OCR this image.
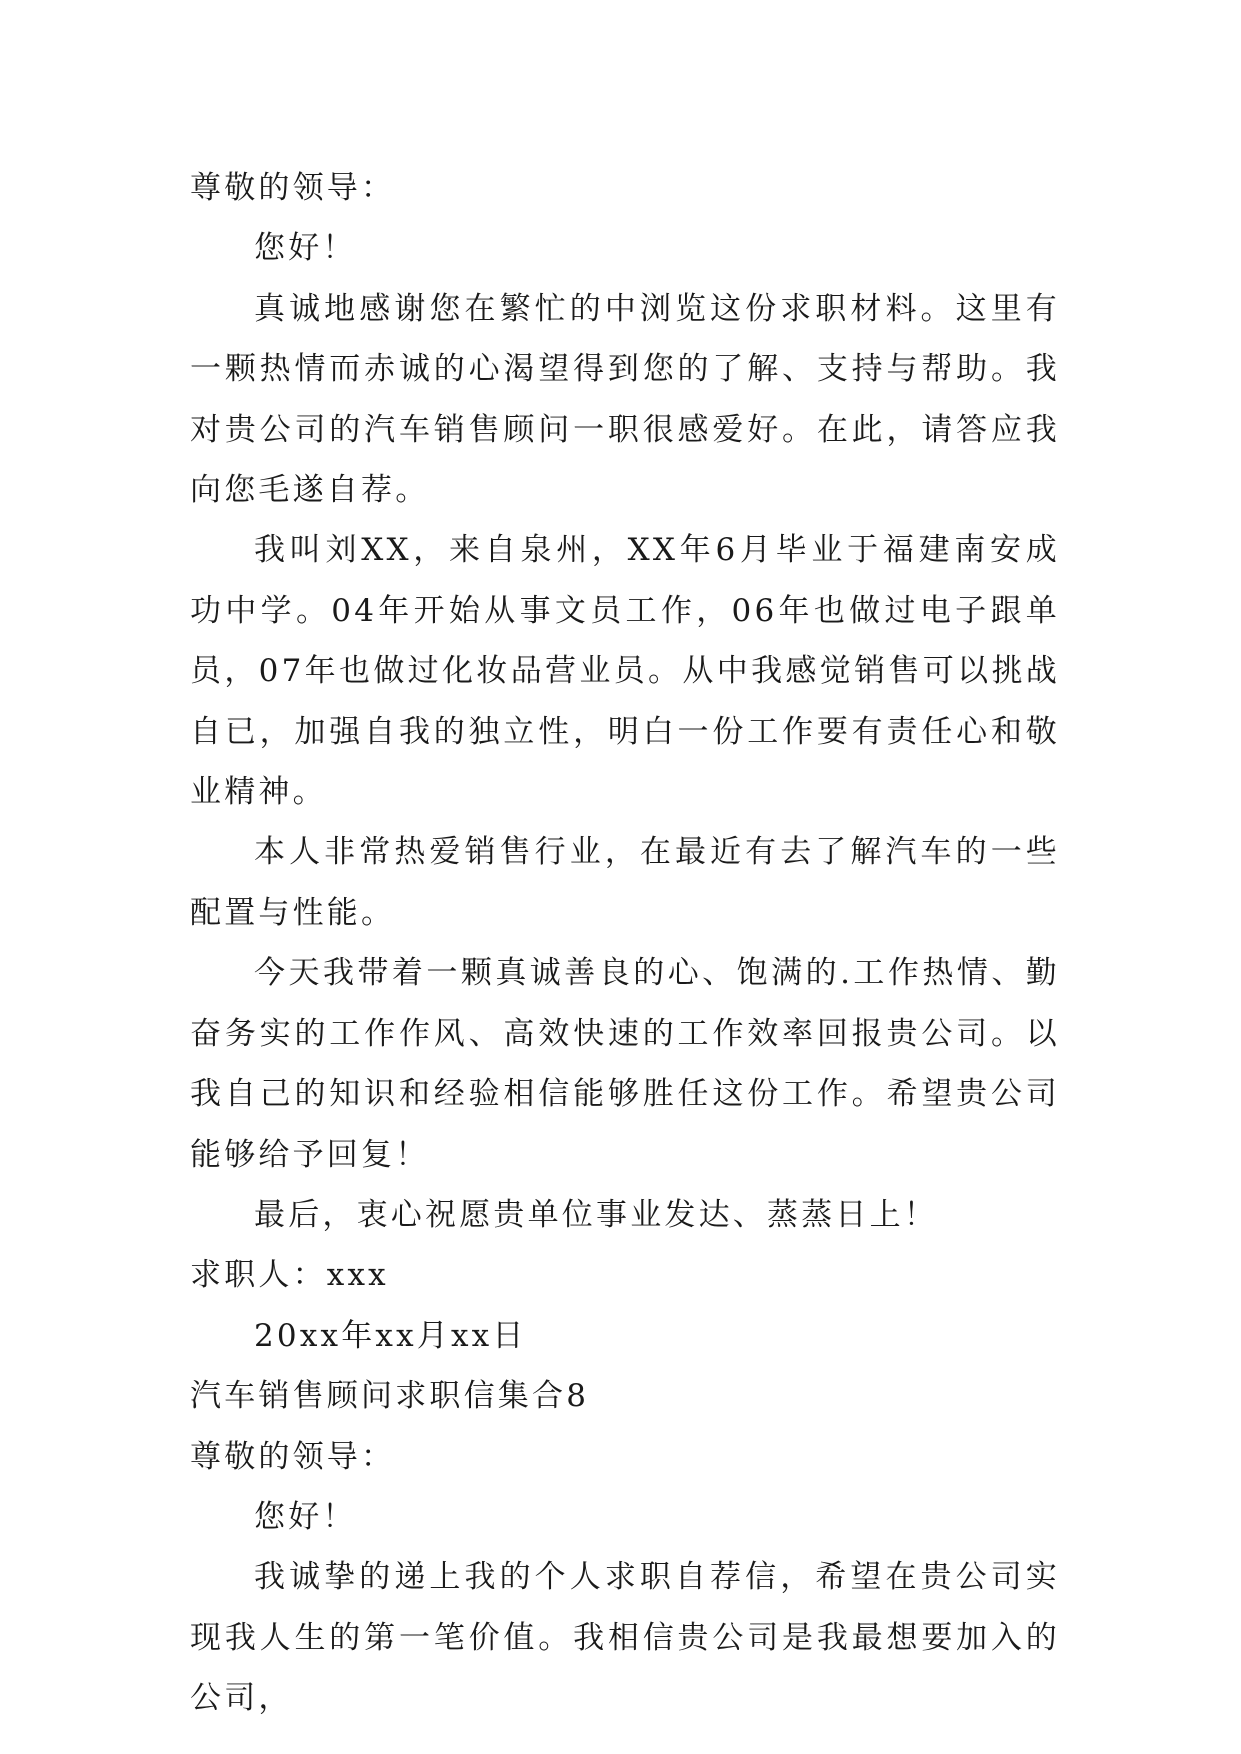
尊敬的领导：

您好！

真诚地感谢您在繁忙的中浏览这份求职材料。这里有一颗热情而赤诚的心渴望得到您的了解、支持与帮助。我对贵公司的汽车销售顾问一职很感爱好。在此，请答应我向您毛遂自荐。

我叫刘XX，来自泉州，XX年6月毕业于福建南安成功中学。04年开始从事文员工作，06年也做过电子跟单员，07年也做过化妆品营业员。从中我感觉销售可以挑战自已，加强自我的独立性，明白一份工作要有责任心和敬业精神。

本人非常热爱销售行业，在最近有去了解汽车的一些配置与性能。

今天我带着一颗真诚善良的心、饱满的.工作热情、勤奋务实的工作作风、高效快速的工作效率回报贵公司。以我自己的知识和经验相信能够胜任这份工作。希望贵公司能够给予回复！

最后，衷心祝愿贵单位事业发达、蒸蒸日上！

求职人：xxx

20xx年xx月xx日

汽车销售顾问求职信集合8

尊敬的领导：

您好！

我诚挚的递上我的个人求职自荐信，希望在贵公司实现我人生的第一笔价值。我相信贵公司是我最想要加入的公司，
